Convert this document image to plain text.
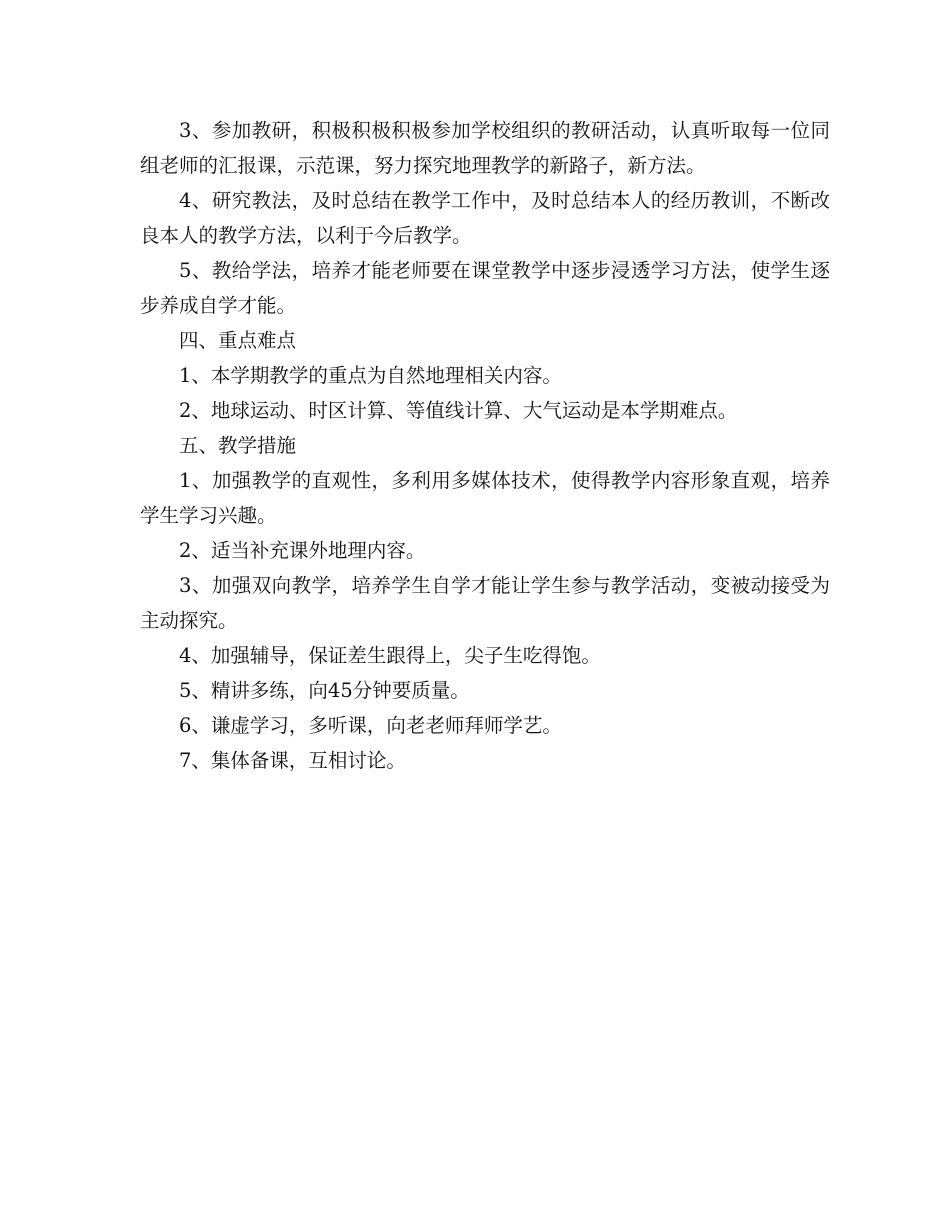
3、参加教研，积极积极积极参加学校组织的教研活动，认真听取每一位同组老师的汇报课，示范课，努力探究地理教学的新路子，新方法。

4、研究教法，及时总结在教学工作中，及时总结本人的经历教训，不断改良本人的教学方法，以利于今后教学。

5、教给学法，培养才能老师要在课堂教学中逐步浸透学习方法，使学生逐步养成自学才能。

四、重点难点

1、本学期教学的重点为自然地理相关内容。

2、地球运动、时区计算、等值线计算、大气运动是本学期难点。

五、教学措施

1、加强教学的直观性，多利用多媒体技术，使得教学内容形象直观，培养学生学习兴趣。

2、适当补充课外地理内容。

3、加强双向教学，培养学生自学才能让学生参与教学活动，变被动接受为主动探究。

4、加强辅导，保证差生跟得上，尖子生吃得饱。

5、精讲多练，向45分钟要质量。

6、谦虚学习，多听课，向老老师拜师学艺。

7、集体备课，互相讨论。
